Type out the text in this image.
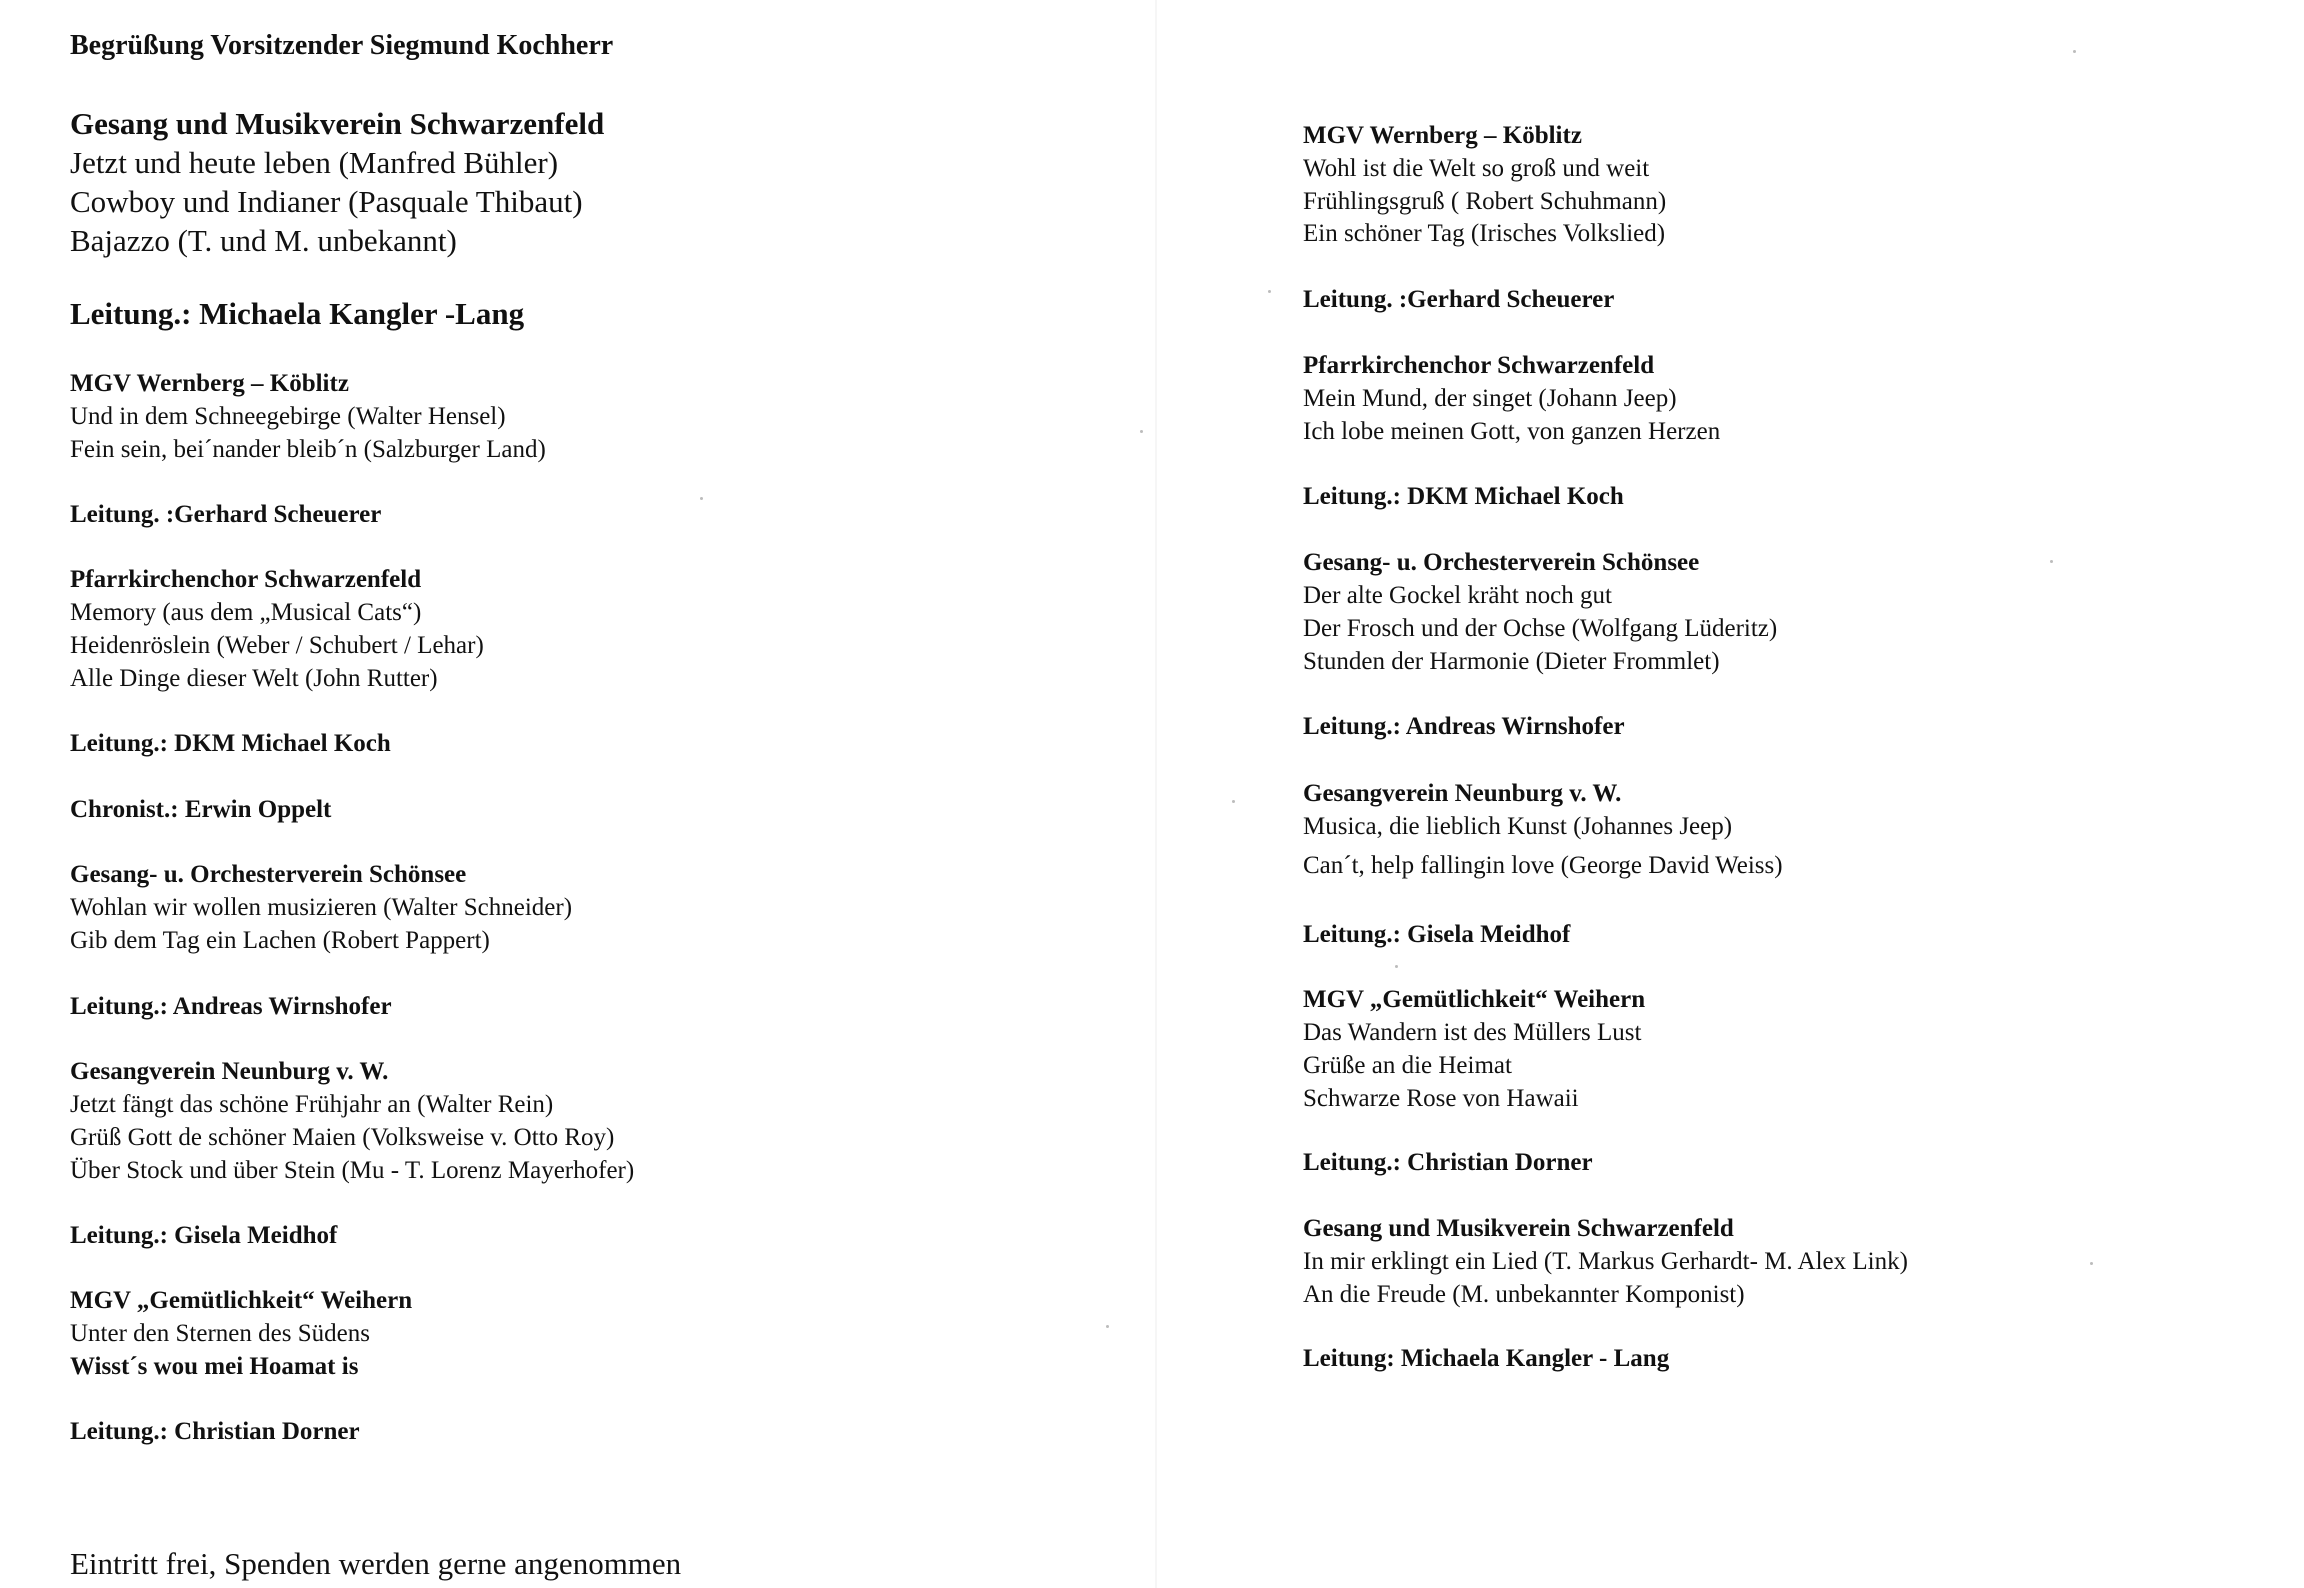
Begrüßung Vorsitzender Siegmund Kochherr
Gesang und Musikverein Schwarzenfeld
Jetzt und heute leben (Manfred Bühler)
Cowboy und Indianer (Pasquale Thibaut)
Bajazzo (T. und M. unbekannt)
Leitung.: Michaela Kangler -Lang
MGV Wernberg – Köblitz
Und in dem Schneegebirge (Walter Hensel)
Fein sein, bei´nander bleib´n (Salzburger Land)
Leitung. :Gerhard Scheuerer
Pfarrkirchenchor Schwarzenfeld
Memory (aus dem „Musical Cats“)
Heidenröslein (Weber / Schubert / Lehar)
Alle Dinge dieser Welt (John Rutter)
Leitung.: DKM Michael Koch
Chronist.: Erwin Oppelt
Gesang- u. Orchesterverein Schönsee
Wohlan wir wollen musizieren (Walter Schneider)
Gib dem Tag ein Lachen (Robert Pappert)
Leitung.: Andreas Wirnshofer
Gesangverein Neunburg v. W.
Jetzt fängt das schöne Frühjahr an (Walter Rein)
Grüß Gott de schöner Maien (Volksweise v. Otto Roy)
Über Stock und über Stein (Mu - T. Lorenz Mayerhofer)
Leitung.: Gisela Meidhof
MGV „Gemütlichkeit“ Weihern
Unter den Sternen des Südens
Wisst´s wou mei Hoamat is
Leitung.: Christian Dorner
Eintritt frei, Spenden werden gerne angenommen
MGV Wernberg – Köblitz
Wohl ist die Welt so groß und weit
Frühlingsgruß ( Robert Schuhmann)
Ein schöner Tag (Irisches Volkslied)
Leitung. :Gerhard Scheuerer
Pfarrkirchenchor Schwarzenfeld
Mein Mund, der singet (Johann Jeep)
Ich lobe meinen Gott, von ganzen Herzen
Leitung.: DKM Michael Koch
Gesang- u. Orchesterverein Schönsee
Der alte Gockel kräht noch gut
Der Frosch und der Ochse (Wolfgang Lüderitz)
Stunden der Harmonie (Dieter Frommlet)
Leitung.: Andreas Wirnshofer
Gesangverein Neunburg v. W.
Musica, die lieblich Kunst (Johannes Jeep)
Can´t, help fallingin love (George David Weiss)
Leitung.: Gisela Meidhof
MGV „Gemütlichkeit“ Weihern
Das Wandern ist des Müllers Lust
Grüße an die Heimat
Schwarze Rose von Hawaii
Leitung.: Christian Dorner
Gesang und Musikverein Schwarzenfeld
In mir erklingt ein Lied (T. Markus Gerhardt- M. Alex Link)
An die Freude (M. unbekannter Komponist)
Leitung: Michaela Kangler - Lang
